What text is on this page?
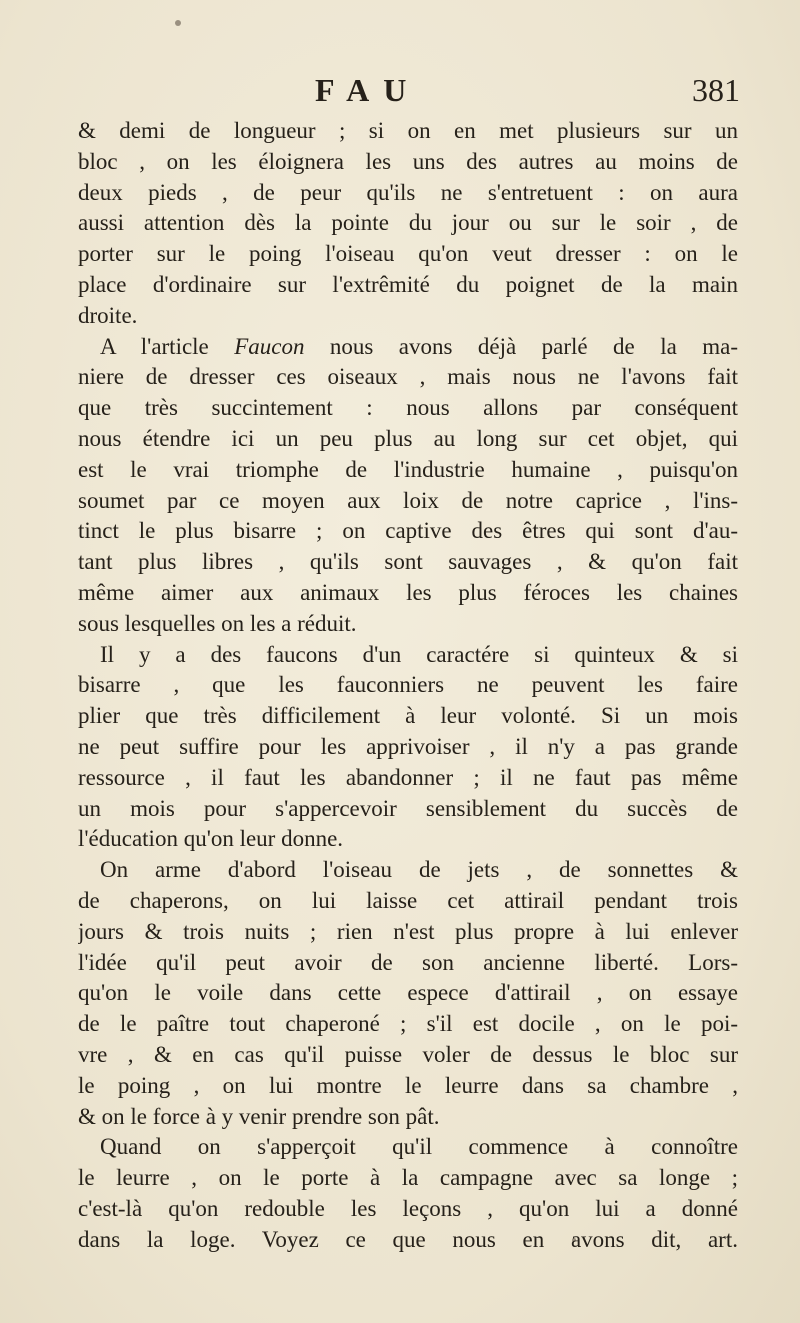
FAU	381
& demi de longueur ; si on en met plusieurs sur un
bloc , on les éloignera les uns des autres au moins de
deux pieds , de peur qu'ils ne s'entretuent : on aura
aussi attention dès la pointe du jour ou sur le soir , de
porter sur le poing l'oiseau qu'on veut dresser : on le
place d'ordinaire sur l'extrêmité du poignet de la main
droite.
A l'article Faucon nous avons déjà parlé de la ma-
niere de dresser ces oiseaux , mais nous ne l'avons fait
que très succintement : nous allons par conséquent
nous étendre ici un peu plus au long sur cet objet, qui
est le vrai triomphe de l'industrie humaine , puisqu'on
soumet par ce moyen aux loix de notre caprice , l'ins-
tinct le plus bisarre ; on captive des êtres qui sont d'au-
tant plus libres , qu'ils sont sauvages , & qu'on fait
même aimer aux animaux les plus féroces les chaines
sous lesquelles on les a réduit.
Il y a des faucons d'un caractére si quinteux & si
bisarre , que les fauconniers ne peuvent les faire
plier que très difficilement à leur volonté. Si un mois
ne peut suffire pour les apprivoiser , il n'y a pas grande
ressource , il faut les abandonner ; il ne faut pas même
un mois pour s'appercevoir sensiblement du succès de
l'éducation qu'on leur donne.
On arme d'abord l'oiseau de jets , de sonnettes &
de chaperons, on lui laisse cet attirail pendant trois
jours & trois nuits ; rien n'est plus propre à lui enlever
l'idée qu'il peut avoir de son ancienne liberté. Lors-
qu'on le voile dans cette espece d'attirail , on essaye
de le paître tout chaperoné ; s'il est docile , on le poi-
vre , & en cas qu'il puisse voler de dessus le bloc sur
le poing , on lui montre le leurre dans sa chambre ,
& on le force à y venir prendre son pât.
Quand on s'apperçoit qu'il commence à connoître
le leurre , on le porte à la campagne avec sa longe ;
c'est-là qu'on redouble les leçons , qu'on lui a donné
dans la loge. Voyez ce que nous en avons dit, art.
